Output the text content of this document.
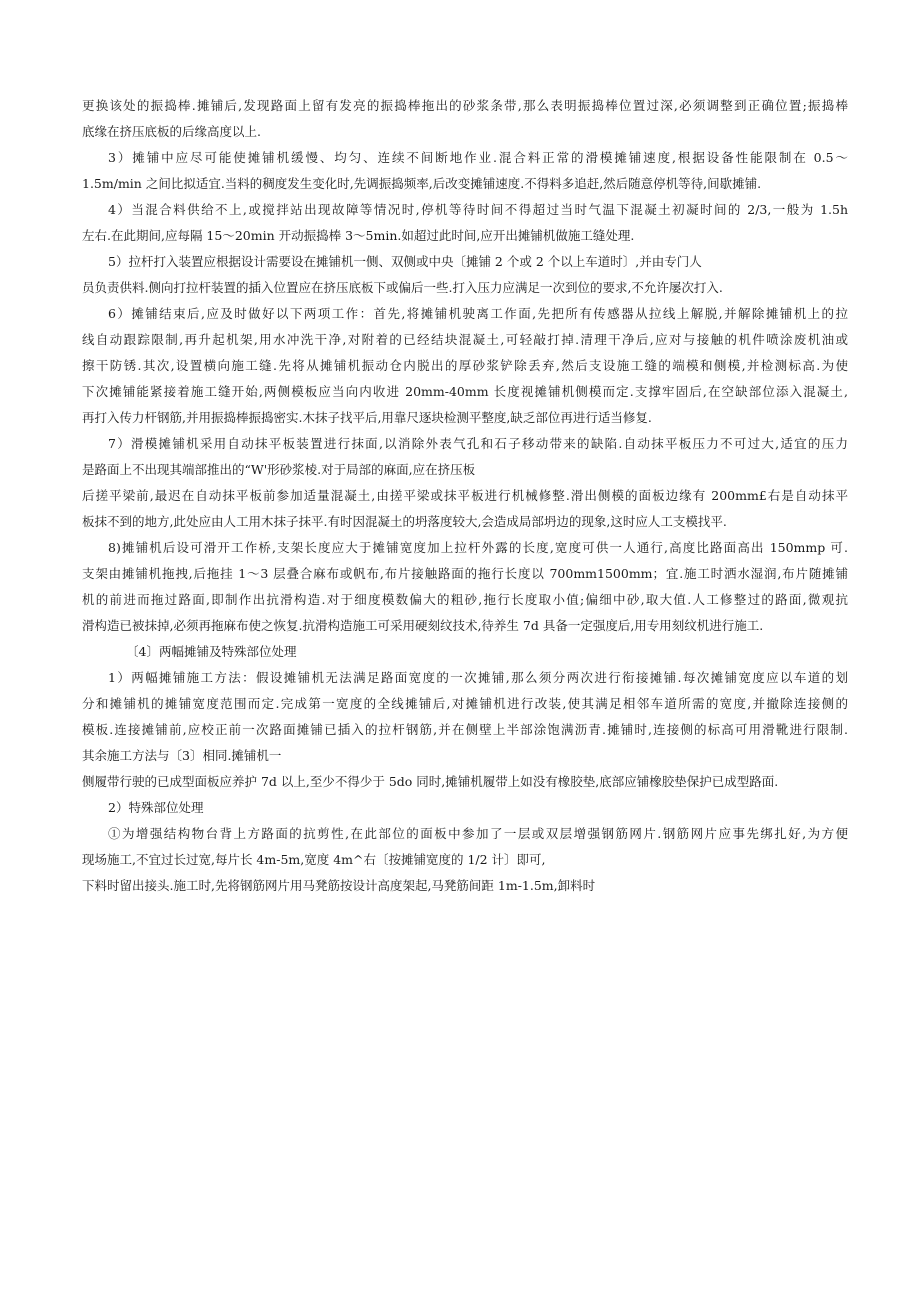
更换该处的振捣棒.摊铺后,发现路面上留有发亮的振捣棒拖出的砂浆条带,那么表明振捣棒位置过深,必须调整到正确位置;振捣棒
底缘在挤压底板的后缘高度以上.
3）摊铺中应尽可能使摊铺机缓慢、均匀、连续不间断地作业.混合料正常的滑模摊铺速度,根据设备性能限制在 0.5～
1.5m/min 之间比拟适宜.当料的稠度发生变化时,先调振捣频率,后改变摊铺速度.不得料多追赶,然后随意停机等待,间歇摊铺.
4）当混合料供给不上,或搅拌站出现故障等情况时,停机等待时间不得超过当时气温下混凝土初凝时间的 2/3,一般为 1.5h
左右.在此期间,应每隔 15～20min 开动振捣棒 3～5min.如超过此时间,应开出摊铺机做施工缝处理.
5）拉杆打入装置应根据设计需要设在摊铺机一侧、双侧或中央〔摊铺 2 个或 2 个以上车道时〕,并由专门人
员负责供料.侧向打拉杆装置的插入位置应在挤压底板下或偏后一些.打入压力应满足一次到位的要求,不允许屡次打入.
6）摊铺结束后,应及时做好以下两项工作：首先,将摊铺机驶离工作面,先把所有传感器从拉线上解脱,并解除摊铺机上的拉
线自动跟踪限制,再升起机架,用水冲洗干净,对附着的已经结块混凝土,可轻敲打掉.清理干净后,应对与接触的机件喷涂废机油或
擦干防锈.其次,设置横向施工缝.先将从摊铺机振动仓内脱出的厚砂浆铲除丢弃,然后支设施工缝的端模和侧模,并检测标高.为使
下次摊铺能紧接着施工缝开始,两侧模板应当向内收进 20mm-40mm 长度视摊铺机侧模而定.支撑牢固后,在空缺部位添入混凝土,
再打入传力杆钢筋,并用振捣棒振捣密实.木抹子找平后,用靠尺逐块检测平整度,缺乏部位再进行适当修复.
7）滑模摊铺机采用自动抹平板装置进行抹面,以消除外表气孔和石子移动带来的缺陷.自动抹平板压力不可过大,适宜的压力
是路面上不出现其端部推出的“W'形砂浆棱.对于局部的麻面,应在挤压板
后搓平梁前,最迟在自动抹平板前参加适量混凝土,由搓平梁或抹平板进行机械修整.滑出侧模的面板边缘有 200mm£右是自动抹平
板抹不到的地方,此处应由人工用木抹子抹平.有时因混凝土的坍落度较大,会造成局部坍边的现象,这时应人工支模找平.
8)摊铺机后设可滑开工作桥,支架长度应大于摊铺宽度加上拉杆外露的长度,宽度可供一人通行,高度比路面高出 150mmp 可.
支架由摊铺机拖拽,后拖挂 1～3 层叠合麻布或帆布,布片接触路面的拖行长度以 700mm1500mm；宜.施工时洒水湿润,布片随摊铺
机的前进而拖过路面,即制作出抗滑构造.对于细度模数偏大的粗砂,拖行长度取小值;偏细中砂,取大值.人工修整过的路面,微观抗
滑构造已被抹掉,必须再拖麻布使之恢复.抗滑构造施工可采用硬刻纹技术,待养生 7d 具备一定强度后,用专用刻纹机进行施工.
〔4〕两幅摊铺及特殊部位处理
1）两幅摊铺施工方法：假设摊铺机无法满足路面宽度的一次摊铺,那么须分两次进行衔接摊铺.每次摊铺宽度应以车道的划
分和摊铺机的摊铺宽度范围而定.完成第一宽度的全线摊铺后,对摊铺机进行改装,使其满足相邻车道所需的宽度,并撤除连接侧的
模板.连接摊铺前,应校正前一次路面摊铺已插入的拉杆钢筋,并在侧壁上半部涂饱满沥青.摊铺时,连接侧的标高可用滑靴进行限制.
其余施工方法与〔3〕相同.摊铺机一
侧履带行驶的已成型面板应养护 7d 以上,至少不得少于 5do 同时,摊铺机履带上如没有橡胶垫,底部应铺橡胶垫保护已成型路面.
2）特殊部位处理
①为增强结构物台背上方路面的抗剪性,在此部位的面板中参加了一层或双层增强钢筋网片.钢筋网片应事先绑扎好,为方便
现场施工,不宜过长过宽,每片长 4m-5m,宽度 4m^右〔按摊铺宽度的 1/2 计〕即可,
下料时留出接头.施工时,先将钢筋网片用马凳筋按设计高度架起,马凳筋间距 1m-1.5m,卸料时
